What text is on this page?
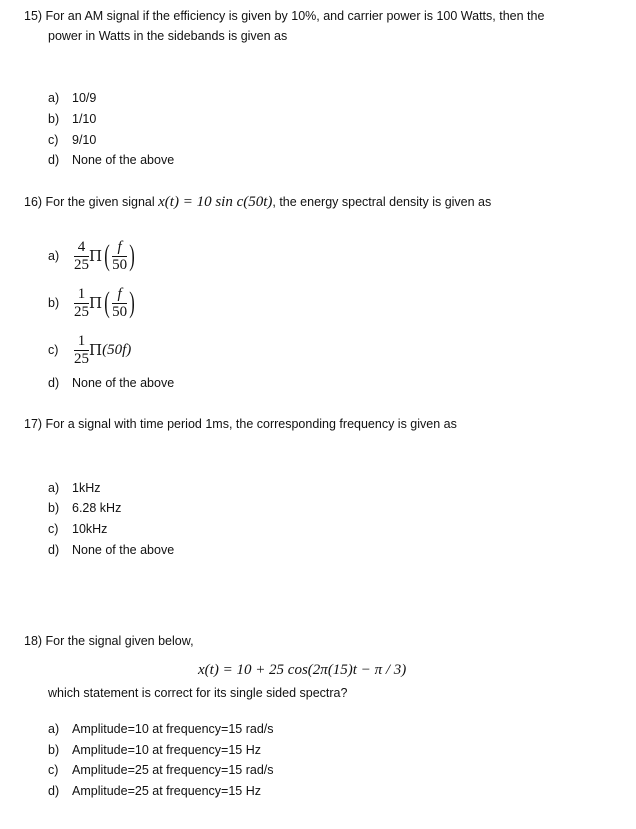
15) For an AM signal if the efficiency is given by 10%, and carrier power is 100 Watts, then the
power in Watts in the sidebands is given as
a) 10/9
b) 1/10
c) 9/10
d) None of the above
16) For the given signal x(t) = 10 sin c(50t), the energy spectral density is given as
$a) \frac{4}{25}$ Π ( $\frac{f}{50}$ )
$b) \frac{1}{25}$ Π ( $\frac{f}{50}$ )
c)	$\frac{1}{25}$ Π (50f)
d) None of the above
17) For a signal with time period 1ms, the corresponding frequency is given as
a) 1kHz
b) 6.28 kHz
c) 10kHz
d) None of the above
18) For the signal given below,
x(t) = 10 + 25 cos(2π(15)t − π / 3)
which statement is correct for its single sided spectra?
a) Amplitude=10 at frequency=15 rad/s
b) Amplitude=10 at frequency=15 Hz
c) Amplitude=25 at frequency=15 rad/s
d) Amplitude=25 at frequency=15 Hz
